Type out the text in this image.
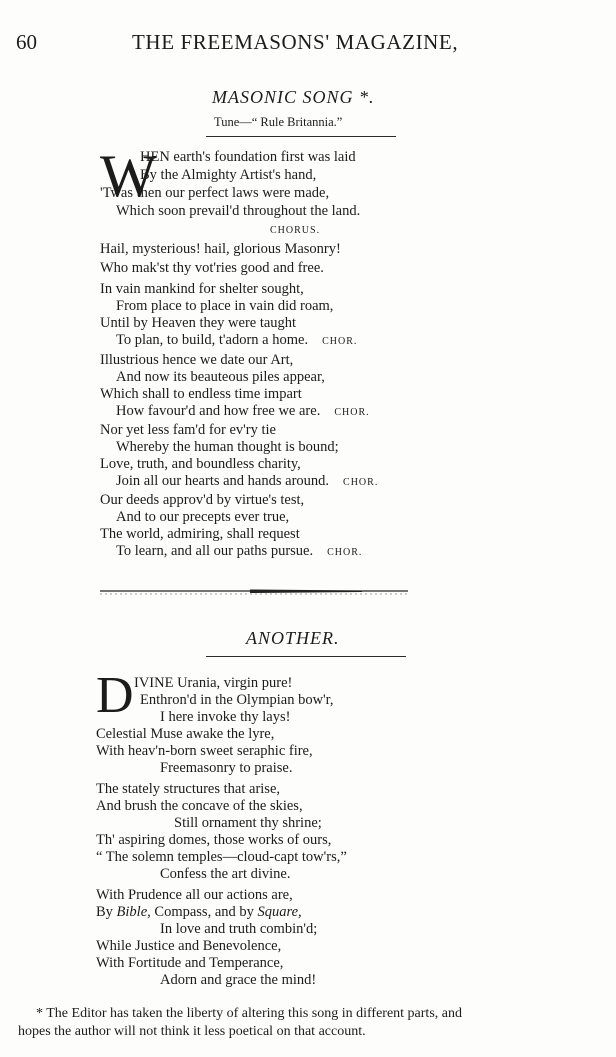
60	THE FREEMASONS' MAGAZINE,
MASONIC SONG *.
Tune—“ Rule Britannia.”
W
HEN earth's foundation first was laid
By the Almighty Artist's hand,
'Twas then our perfect laws were made,
Which soon prevail'd throughout the land.
CHORUS.
Hail, mysterious! hail, glorious Masonry!
Who mak'st thy vot'ries good and free.
In vain mankind for shelter sought,
From place to place in vain did roam,
Until by Heaven they were taught
To plan, to build, t'adorn a home. CHOR.
Illustrious hence we date our Art,
And now its beauteous piles appear,
Which shall to endless time impart
How favour'd and how free we are. CHOR.
Nor yet less fam'd for ev'ry tie
Whereby the human thought is bound;
Love, truth, and boundless charity,
Join all our hearts and hands around. CHOR.
Our deeds approv'd by virtue's test,
And to our precepts ever true,
The world, admiring, shall request
To learn, and all our paths pursue. CHOR.
ANOTHER.
D IVINE Urania, virgin pure!
Enthron'd in the Olympian bow'r,
I here invoke thy lays!
Celestial Muse awake the lyre,
With heav'n-born sweet seraphic fire,
Freemasonry to praise.
The stately structures that arise,
And brush the concave of the skies,
Still ornament thy shrine;
Th' aspiring domes, those works of ours,
“ The solemn temples—cloud-capt tow'rs,”
Confess the art divine.
With Prudence all our actions are,
By Bible, Compass, and by Square,
In love and truth combin'd;
While Justice and Benevolence,
With Fortitude and Temperance,
Adorn and grace the mind!
* The Editor has taken the liberty of altering this song in different parts, and
hopes the author will not think it less poetical on that account.
